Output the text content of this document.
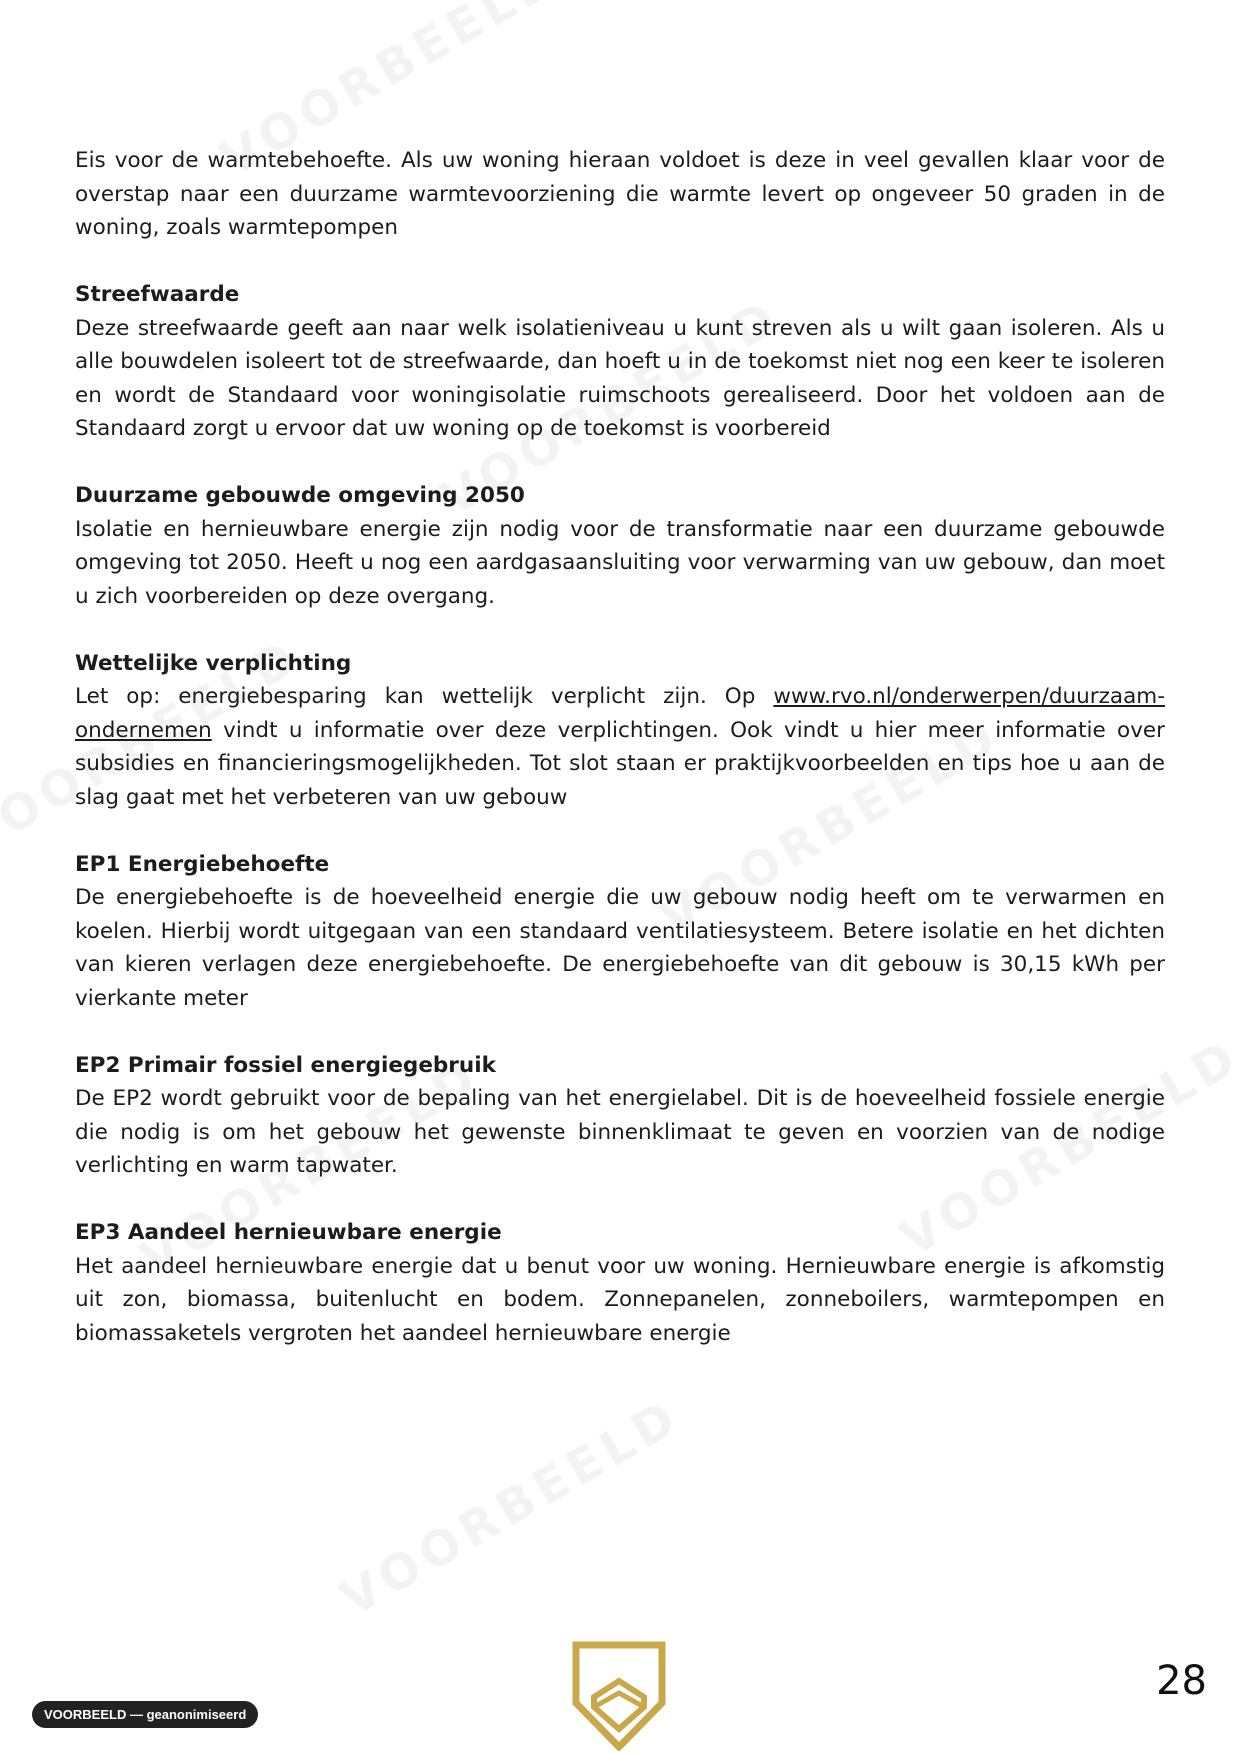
Eis voor de warmtebehoefte. Als uw woning hieraan voldoet is deze in veel gevallen klaar voor de overstap naar een duurzame warmtevoorziening die warmte levert op ongeveer 50 graden in de woning, zoals warmtepompen

Streefwaarde

Deze streefwaarde geeft aan naar welk isolatieniveau u kunt streven als u wilt gaan isoleren. Als u alle bouwdelen isoleert tot de streefwaarde, dan hoeft u in de toekomst niet nog een keer te isoleren en wordt de Standaard voor woningisolatie ruimschoots gerealiseerd. Door het voldoen aan de Standaard zorgt u ervoor dat uw woning op de toekomst is voorbereid

Duurzame gebouwde omgeving 2050

Isolatie en hernieuwbare energie zijn nodig voor de transformatie naar een duurzame gebouwde omgeving tot 2050. Heeft u nog een aardgasaansluiting voor verwarming van uw gebouw, dan moet u zich voorbereiden op deze overgang.

Wettelijke verplichting

Let op: energiebesparing kan wettelijk verplicht zijn. Op www.rvo.nl/onderwerpen/duurzaam-ondernemen vindt u informatie over deze verplichtingen. Ook vindt u hier meer informatie over subsidies en financieringsmogelijkheden. Tot slot staan er praktijkvoorbeelden en tips hoe u aan de slag gaat met het verbeteren van uw gebouw

EP1 Energiebehoefte

De energiebehoefte is de hoeveelheid energie die uw gebouw nodig heeft om te verwarmen en koelen. Hierbij wordt uitgegaan van een standaard ventilatiesysteem. Betere isolatie en het dichten van kieren verlagen deze energiebehoefte. De energiebehoefte van dit gebouw is 30,15 kWh per vierkante meter

EP2 Primair fossiel energiegebruik

De EP2 wordt gebruikt voor de bepaling van het energielabel. Dit is de hoeveelheid fossiele energie die nodig is om het gebouw het gewenste binnenklimaat te geven en voorzien van de nodige verlichting en warm tapwater.

EP3 Aandeel hernieuwbare energie

Het aandeel hernieuwbare energie dat u benut voor uw woning. Hernieuwbare energie is afkomstig uit zon, biomassa, buitenlucht en bodem. Zonnepanelen, zonneboilers, warmtepompen en biomassaketels vergroten het aandeel hernieuwbare energie

VOORBEELD — geanonimiseerd
28
